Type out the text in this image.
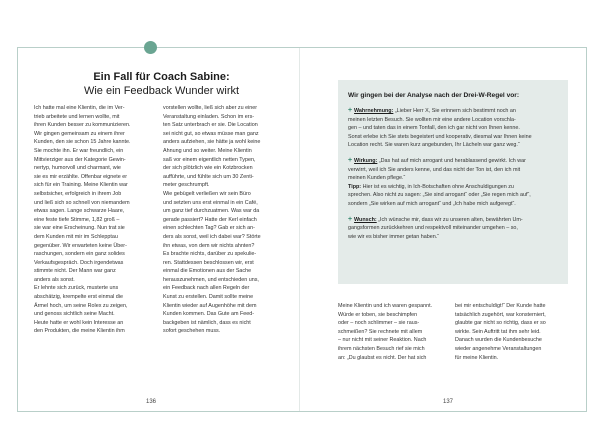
Ein Fall für Coach Sabine:
Wie ein Feedback Wunder wirkt
Ich hatte mal eine Klientin, die im Ver-
trieb arbeitete und lernen wollte, mit
ihren Kunden besser zu kommunizieren.
Wir gingen gemeinsam zu einem ihrer
Kunden, den sie schon 15 Jahre kannte.
Sie mochte ihn. Er war freundlich, ein
Mittvierziger aus der Kategorie Gewin-
nertyp, humorvoll und charmant, wie
sie es mir erzählte. Offenbar eignete er
sich für ein Training. Meine Klientin war
selbstsicher, erfolgreich in ihrem Job
und ließ sich so schnell von niemandem
etwas sagen. Lange schwarze Haare,
eine feste tiefe Stimme, 1,82 groß –
sie war eine Erscheinung. Nun trat sie
dem Kunden mit mir im Schlepptau
gegenüber. Wir erwarteten keine Über-
raschungen, sondern ein ganz solides
Verkaufsgespräch. Doch irgendetwas
stimmte nicht. Der Mann war ganz
anders als sonst.
Er lehnte sich zurück, musterte uns
abschätzig, krempelte erst einmal die
Ärmel hoch, um seine Rolex zu zeigen,
und genoss sichtlich seine Macht.
Heute hatte er wohl kein Interesse an
den Produkten, die meine Klientin ihm
vorstellen wollte, ließ sich aber zu einer
Veranstaltung einladen. Schon im ers-
ten Satz unterbrach er sie. Die Location
sei nicht gut, so etwas müsse man ganz
anders aufziehen, sie hätte ja wohl keine
Ahnung und so weiter. Meine Klientin
saß vor einem eigentlich netten Typen,
der sich plötzlich wie ein Kotzbrocken
aufführte, und fühlte sich um 30 Zenti-
meter geschrumpft.
Wie gebügelt verließen wir sein Büro
und setzten uns erst einmal in ein Café,
um ganz tief durchzuatmen. Was war da
gerade passiert? Hatte der Kerl einfach
einen schlechten Tag? Gab er sich an-
ders als sonst, weil ich dabei war? Störte
ihn etwas, von dem wir nichts ahnten?
Es brachte nichts, darüber zu spekulie-
ren. Stattdessen beschlossen wir, erst
einmal die Emotionen aus der Sache
herauszunehmen, und entschieden uns,
ein Feedback nach allen Regeln der
Kunst zu erstellen. Damit sollte meine
Klientin wieder auf Augenhöhe mit dem
Kunden kommen. Das Gute am Feed-
backgeben ist nämlich, dass es nicht
sofort geschehen muss.
Wir gingen bei der Analyse nach der Drei-W-Regel vor:
+ Wahrnehmung: „Lieber Herr X, Sie erinnern sich bestimmt noch an
meinen letzten Besuch. Sie wollten mir eine andere Location vorschla-
gen – und taten das in einem Tonfall, den ich gar nicht von Ihnen kenne.
Sonst erlebe ich Sie stets begeistert und kooperativ, diesmal war Ihnen keine
Location recht. Sie waren kurz angebunden, Ihr Lächeln war ganz weg.“
+ Wirkung: „Das hat auf mich arrogant und herablassend gewirkt. Ich war
verwirrt, weil ich Sie anders kenne, und das nicht der Ton ist, den ich mit
meinen Kunden pflege.“
Tipp: Hier ist es wichtig, in Ich-Botschaften ohne Anschuldigungen zu
sprechen. Also nicht zu sagen: „Sie sind arrogant“ oder „Sie regen mich auf“,
sondern „Sie wirken auf mich arrogant“ und „Ich habe mich aufgeregt“.
+ Wunsch: „Ich wünsche mir, dass wir zu unseren alten, bewährten Um-
gangsformen zurückkehren und respektvoll miteinander umgehen – so,
wie wir es bisher immer getan haben.“
Meine Klientin und ich waren gespannt.
Würde er toben, sie beschimpfen
oder – noch schlimmer – sie raus-
schmeißen? Sie rechnete mit allem
– nur nicht mit seiner Reaktion. Nach
ihrem nächsten Besuch rief sie mich
an: „Du glaubst es nicht. Der hat sich
bei mir entschuldigt!“ Der Kunde hatte
tatsächlich zugehört, war konsterniert,
glaubte gar nicht so richtig, dass er so
wirkte. Sein Auftritt tat ihm sehr leid.
Danach wurden die Kundenbesuche
wieder angenehme Veranstaltungen
für meine Klientin.
136	137
